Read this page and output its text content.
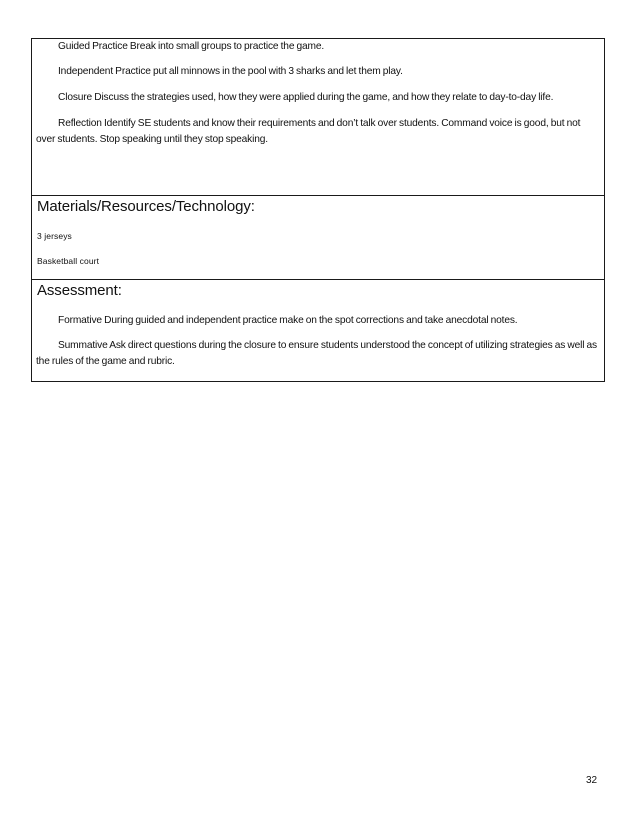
Guided Practice Break into small groups to practice the game.

Independent Practice put all minnows in the pool with 3 sharks and let them play.

Closure Discuss the strategies used, how they were applied during the game, and how they relate to day-to-day life.

Reflection Identify SE students and know their requirements and don’t talk over students. Command voice is good, but not over students. Stop speaking until they stop speaking.

Materials/Resources/Technology:

3 jerseys

Basketball court

Assessment:

Formative During guided and independent practice make on the spot corrections and take anecdotal notes.

Summative Ask direct questions during the closure to ensure students understood the concept of utilizing strategies as well as the rules of the game and rubric.

32
